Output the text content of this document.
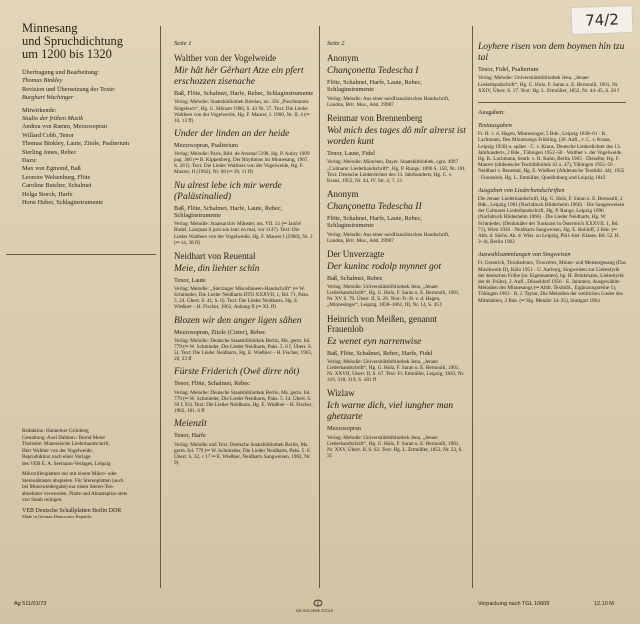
74/2
Minnesang
und Spruchdichtung
um 1200 bis 1320
Übertragung und Bearbeitung:
Thomas Binkley
Revision und Übersetzung der Texte:
Burghart Wachinger
Mitwirkende:
Studio der frühen Musik
Andrea von Ramm, Mezzosopran
Willard Cobb, Tenor
Thomas Binkley, Laute, Zitole, Psalterium
Sterling Jones, Rebec
Dazu:
Max von Egmond, Baß
Leonore Welsenburg, Flöte
Caroline Butcher, Schalmei
Helga Storck, Harfe
Horst Huber, Schlaginstrumente
Redaktion: Hannelore Grünberg
Gestaltung: Axel Dahlem / Bernd Meier
Titelseite: Manessische Liederhandschrift,
Herr Walther von der Vogelweide,
Reproduktion nach einer Vorlage
des VEB E. A. Seemann-Verlages, Leipzig
Mikrorillenplatten nur mit einem Mikro- oder
Stereoabtaster abspielen. Für Stereoplatten (auch
bei Monowiedergabe) nur einen Stereo-Ton-
abnehmer verwenden. Platte und Abtastspitze stets
von Staub reinigen.
VEB Deutsche Schallplatten Berlin DDR
Made in German Democratic Republic
Seite 1
Walther von der Vogelweide
Mir hât hêr Gêrhart Atze ein pfert erschozzen zisenache
Baß, Flöte, Schalmei, Harfe, Rebec, Schlaginstrumente
Verlag: Melodie: Staatsbibliothek Breslau, nu. 356 „Puschmanns Singebuch“, Hg. G. Münzer 1906, S. 43 Nr. 57. Text: Die Lieder Walthers von der Vogelweide, Hg. F. Maurer, I. 1960, Nr. II, 4 (═ 10, 13 ff)
Under der linden an der heide
Mezzosopran, Psalterium
Verlag: Melodie: Paris, Bibl. de Arsenal 5198, Hg. P. Aubry 1909 pag. 366 (═ B. Kippenberg, Der Rhythmus im Minnesang, 1967, S. 28 f). Text: Die Lieder Walthers von der Vogelweide, Hg. F. Maurer, II (1962), Nr. 68 (═ 39, 11 ff)
Nu alrest lebe ich mir werde (Palästinalied)
Baß, Flöte, Schalmei, Harfe, Laute, Rebec, Schlaginstrumente
Verlag: Melodie: Staatsarchiv Münster, ms. VII. 51 (═ Jaufré Rudel, Lanquan li jorn son lonc en mai, vor 1147). Text: Die Lieder Walthers von der Vogelweide, Hg. F. Maurer I (1960), Nr. 2 (═ 14, 38 ff)
Neidhart von Reuental
Meie, din liehter schîn
Tenor, Laute
Verlag: Melodie: „Sterzinger Miscellaneen-Handschrift“ (═ W. Schmieder, Die Lieder Neidharts DTO XXXVII, 1, Bd. 71, Paks. 5. 24. Überr. S. 41, S. 6). Text: Die Lieder Neidharts, Hg. E. Wießner – H. Fischer, 1963, Anhang II (═ XL ff)
Blozen wir den anger ligen sâhen
Mezzosopran, Zitole (Cister), Rebec
Verlag: Melodie: Deutsche Staatsbibliothek Berlin, Ms. germ. fol. 779 (═ W. Schmieder, Die Lieder Neidharts, Paks. 5. 6 f, Überr. S. 5). Text: Die Lieder Neidharts, Hg. E. Wießner – H. Fischer, 1963, 26, 23 ff
Fürste Friderich (Owê dirre nôt)
Tenor, Flöte, Schalmei, Rebec
Verlag: Melodie: Deutsche Staatsbibliothek Berlin, Ms. germ. fol. 779 (═ W. Schmieder, Die Lieder Neidharts, Paks. 5. 14. Überr. S. 36 f, 93). Text: Die Lieder Neidharts, Hg. E. Wießner – H. Fischer, 1963, 101, 6 ff
Meienzît
Tenor, Harfe
Verlag: Melodie und Text: Deutsche Staatsbibliothek Berlin, Ms. germ. fol. 779 (═ W. Schmieder, Die Lieder Neidharts, Paks. 5. 6. Überr. S. 32, c 17 ═ E. Wießner, Neidharts Sangweisen, 1962, Nr. 9)
Seite 2
Anonym
Chançonetta Tedescha I
Flöte, Schalmei, Harfe, Laute, Rebec, Schlaginstrumente
Verlag: Melodie: Aus einer nordfranzösischen Handschrift, London, Brit. Mus., Add. 29987
Reinmar von Brennenberg
Wol mich des tages dô mîr alrerst ist worden kunt
Tenor, Laute, Fidel
Verlag: Melodie: München, Bayer. Staatsbibliothek, cgm. 4997 „Colmarer Liederhandschrift“, Hg. P. Runge, 1896 S. 158, Nr. 181. Text: Deutsche Liederdichter des 13. Jahrhunderts, Hg. C. v. Kraus, 1952, Nr. 44, IV. Str. 4, 7, 13
Anonym
Chançonetta Tedescha II
Flöte, Schalmei, Harfe, Laute, Rebec, Schlaginstrumente
Verlag: Melodie: Aus einer nordfranzösischen Handschrift, London, Brit. Mus., Add. 29987
Der Unverzagte
Der kuninc rodolp mynnet got
Baß, Schalmei, Rebec
Verlag: Melodie: Universitätsbibliothek Jena, „Jenaer Liederhandschrift“, Hg. G. Holz, F. Saran u. E. Bernoulli, 1901, Nr. XV S. 70. Überr. II, S. 26. Text: Fr. H. v. d. Hagen, „Minnesinger“, Leipzig, 1838–1861, III, Nr. 14, S. 45 f
Heinrich von Meißen, genannt Frauenlob
Ez wenet eyn narrenwise
Baß, Flöte, Schalmei, Rebec, Harfe, Fidel
Verlag: Melodie: Universitätsbibliothek Jena, „Jenaer Liederhandschrift“, Hg. G. Holz, F. Saran u. E. Bernoulli, 1901, Nr. XXVII, Überr. II, S. 67. Text: Fr. Ettmüller, Leipzig, 1843, Nr. 316, 318, 319, S. 181 ff
Wizlaw
Ich warne dich, viel iungher man ghetzarte
Mezzosopran
Verlag: Melodie: Universitätsbibliothek Jena, „Jenaer Liederhandschrift“, Hg. G. Holz, F. Saran u. E. Bernoulli, 1901, Nr. XXV, Überr. II, S. 63. Text: Hg. L. Ettmüller, 1852, Nr. 22, S. 35
Loyhere risen von dem boymen hîn tzu tal
Tenor, Fidel, Psalterium
Verlag: Melodie: Universitätsbibliothek Jena, „Jenaer Liederhandschrift“, Hg. G. Holz, F. Saran u. E. Bernoulli, 1901, Nr. XXIV, Überr. S. 17. Text: Hg. L. Ettmüller, 1852, Nr. 44–45, S. 50 f
Ausgaben:
Textausgaben
Fr. H. v. d. Hagen, Minnesinger, 5 Bde., Leipzig 1838–61 · K. Lachmann, Des Minnesangs Frühling, (30. Aufl., v. C. v. Kraus, Leipzig 1950) u. später · C. v. Kraus, Deutsche Liederdichter des 13. Jahrhunderts, 2 Bde., Tübingen 1952–58 · Walther v. der Vogelweide, Hg. K. Lachmann, bearb. v. H. Kuhn, Berlin 1965 · Dieselbe, Hg. F. Maurer (altdeutsche Textbibliothek 43 u. 47), Tübingen 1955–56 · Neidhart v. Reuental, Hg. E. Wießner (Altdeutsche Textbibl. 44), 1955 · Frauenlob, Hg. L. Ettmüller, Quedlinburg und Leipzig 1843
Ausgaben von Liederhandschriften
Die Jenaer Liederhandschrift, Hg. G. Holz, F. Saran u. E. Bernoulli, 2 Bde., Leipzig 1901 (Nachdruck Hildesheim 1966) · Die Sangesweisen der Colmarer Liederhandschrift, Hg. P. Runge, Leipzig 1896 (Nachdruck Hildesheim 1966) · Die Lieder Neidharts, Hg. W. Schmieder, (Denkmäler der Tonkunst in Österreich XXXVII, 1, Bd. 71), Wien 1930 · Neidharts Sangweisen, Hg. E. Rohloff, 2 Bde. (═ Abh. d. Sächs. Ak. d. Wiss. zu Leipzig, Phil.-hist. Klasse, Bd. 52, H. 3–4), Berlin 1962
Auswahlsammlungen von Singweisen
Fr. Gennrich, Troubadours, Trouvères, Minne- und Meistergesang (Das Musikwerk II), Köln 1951 · U. Aarburg, Singweisen zur Liebeslyrik der deutschen Frühe (in: Eigennamen), hg. H. Brinkmann, Liebeslyrik der dt. Frühe), 2. Aufl., Düsseldorf 1956 · E. Jammers, Ausgewählte Melodien des Minnesangs (═ Altdt. Textbibl., Ergänzungsreihe 1), Tübingen 1963 · R. J. Taylor, Die Melodien der weltlichen Lieder des Mittelalters, 2 Bde. (═ Slg. Metzler 34–35), Stuttgart 1964
Ag 511/01/73
DIE GOLDENE ZITOLE
Verpackung nach TGL 10609	12.10 M
